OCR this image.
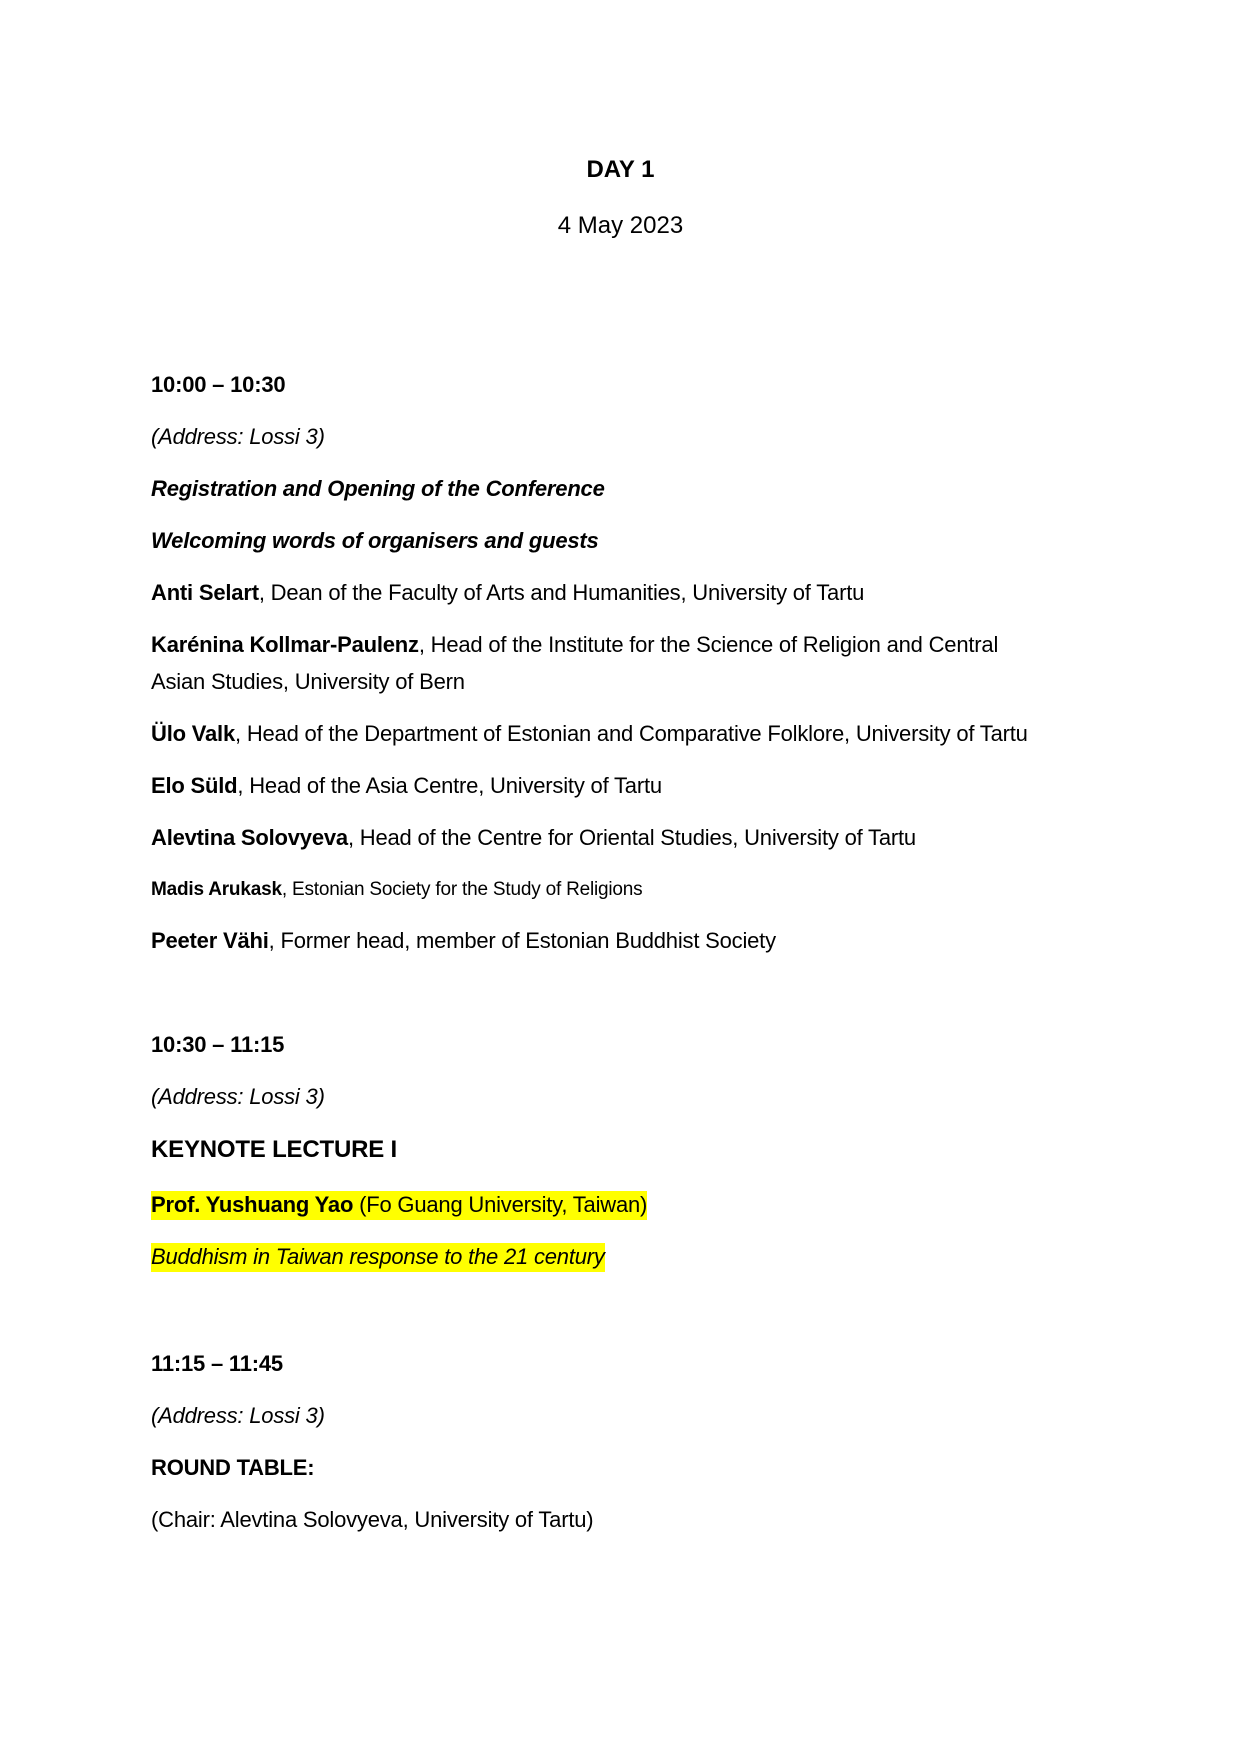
DAY 1
4 May 2023
10:00 – 10:30
(Address: Lossi 3)
Registration and Opening of the Conference
Welcoming words of organisers and guests
Anti Selart, Dean of the Faculty of Arts and Humanities, University of Tartu
Karénina Kollmar-Paulenz, Head of the Institute for the Science of Religion and Central
Asian Studies, University of Bern
Ülo Valk, Head of the Department of Estonian and Comparative Folklore, University of Tartu
Elo Süld, Head of the Asia Centre, University of Tartu
Alevtina Solovyeva, Head of the Centre for Oriental Studies, University of Tartu
Madis Arukask, Estonian Society for the Study of Religions
Peeter Vähi, Former head, member of Estonian Buddhist Society
10:30 – 11:15
(Address: Lossi 3)
KEYNOTE LECTURE I
Prof. Yushuang Yao (Fo Guang University, Taiwan)
Buddhism in Taiwan response to the 21 century
11:15 – 11:45
(Address: Lossi 3)
ROUND TABLE:
(Chair: Alevtina Solovyeva, University of Tartu)
